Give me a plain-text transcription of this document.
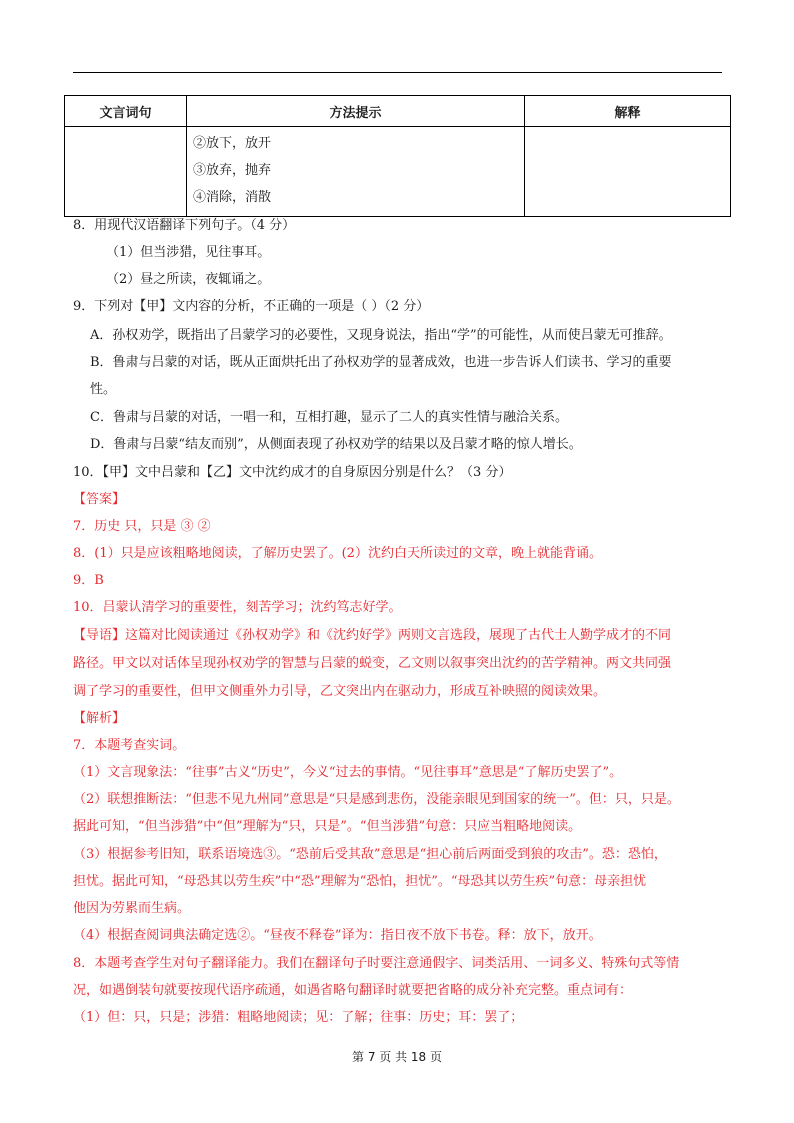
文言词句	方法提示	解释

	②放下，放开
③放弃，抛弃
④消除，消散	

8．用现代汉语翻译下列句子。（4 分）
（1）但当涉猎，见往事耳。
（2）昼之所读，夜辄诵之。
9．下列对【甲】文内容的分析，不正确的一项是（ ）（2 分）
A．孙权劝学，既指出了吕蒙学习的必要性，又现身说法，指出“学”的可能性，从而使吕蒙无可推辞。
B．鲁肃与吕蒙的对话，既从正面烘托出了孙权劝学的显著成效，也进一步告诉人们读书、学习的重要
性。
C．鲁肃与吕蒙的对话，一唱一和，互相打趣，显示了二人的真实性情与融洽关系。
D．鲁肃与吕蒙“结友而别”，从侧面表现了孙权劝学的结果以及吕蒙才略的惊人增长。
10．【甲】文中吕蒙和【乙】文中沈约成才的自身原因分别是什么？（3 分）
【答案】
7．历史 只，只是 ③ ②
8．(1）只是应该粗略地阅读，了解历史罢了。(2）沈约白天所读过的文章，晚上就能背诵。
9．B
10．吕蒙认清学习的重要性，刻苦学习；沈约笃志好学。
【导语】这篇对比阅读通过《孙权劝学》和《沈约好学》两则文言选段，展现了古代士人勤学成才的不同
路径。甲文以对话体呈现孙权劝学的智慧与吕蒙的蜕变，乙文则以叙事突出沈约的苦学精神。两文共同强
调了学习的重要性，但甲文侧重外力引导，乙文突出内在驱动力，形成互补映照的阅读效果。
【解析】
7．本题考查实词。
（1）文言现象法：“往事”古义“历史”，今义“过去的事情。“见往事耳”意思是“了解历史罢了”。
（2）联想推断法：“但悲不见九州同”意思是“只是感到悲伤，没能亲眼见到国家的统一”。但：只，只是。
据此可知，“但当涉猎”中“但”理解为“只，只是”。“但当涉猎”句意：只应当粗略地阅读。
（3）根据参考旧知，联系语境选③。“恐前后受其敌”意思是“担心前后两面受到狼的攻击”。恐：恐怕，
担忧。据此可知，“母恐其以劳生疾”中“恐”理解为“恐怕，担忧”。“母恐其以劳生疾”句意：母亲担忧
他因为劳累而生病。
（4）根据查阅词典法确定选②。“昼夜不释卷”译为：指日夜不放下书卷。释：放下，放开。
8．本题考查学生对句子翻译能力。我们在翻译句子时要注意通假字、词类活用、一词多义、特殊句式等情
况，如遇倒装句就要按现代语序疏通，如遇省略句翻译时就要把省略的成分补充完整。重点词有：
（1）但：只，只是；涉猎：粗略地阅读；见：了解；往事：历史；耳：罢了；
第 7 页 共 18 页
